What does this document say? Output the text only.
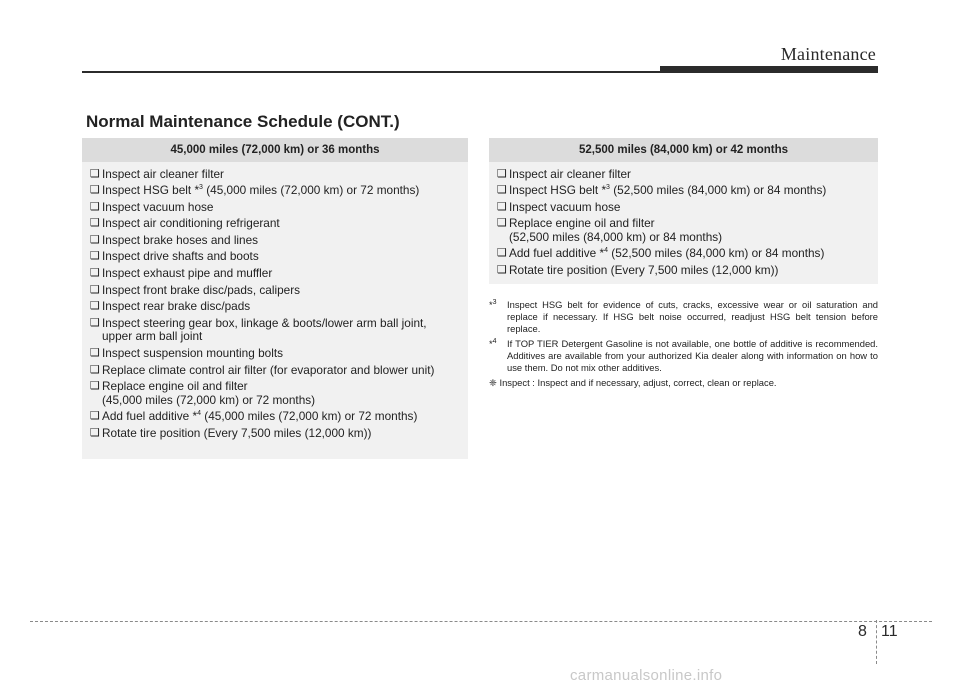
Maintenance
Normal Maintenance Schedule (CONT.)
45,000 miles (72,000 km) or 36 months
❑ Inspect air cleaner filter
❑ Inspect HSG belt *$^3$ (45,000 miles (72,000 km) or 72 months)
❑ Inspect vacuum hose
❑ Inspect air conditioning refrigerant
❑ Inspect brake hoses and lines
❑ Inspect drive shafts and boots
❑ Inspect exhaust pipe and muffler
❑ Inspect front brake disc/pads, calipers
❑ Inspect rear brake disc/pads
❑ Inspect steering gear box, linkage & boots/lower arm ball joint,
upper arm ball joint
❑ Inspect suspension mounting bolts
❑ Replace climate control air filter (for evaporator and blower unit)
❑ Replace engine oil and filter
(45,000 miles (72,000 km) or 72 months)
❑ Add fuel additive *$^4$ (45,000 miles (72,000 km) or 72 months)
❑ Rotate tire position (Every 7,500 miles (12,000 km))
52,500 miles (84,000 km) or 42 months
❑ Inspect air cleaner filter
❑ Inspect HSG belt *$^3$ (52,500 miles (84,000 km) or 84 months)
❑ Inspect vacuum hose
❑ Replace engine oil and filter
(52,500 miles (84,000 km) or 84 months)
❑ Add fuel additive *$^4$ (52,500 miles (84,000 km) or 84 months)
❑ Rotate tire position (Every 7,500 miles (12,000 km))
*$^3$	Inspect HSG belt for evidence of cuts, cracks, excessive wear or oil saturation and replace if necessary. If HSG belt noise occurred, readjust HSG belt tension before replace.
*$^4$	If TOP TIER Detergent Gasoline is not available, one bottle of additive is recommended. Additives are available from your authorized Kia dealer along with information on how to use them. Do not mix other additives.
❈ Inspect : Inspect and if necessary, adjust, correct, clean or replace.
8 11
carmanualsonline.info
